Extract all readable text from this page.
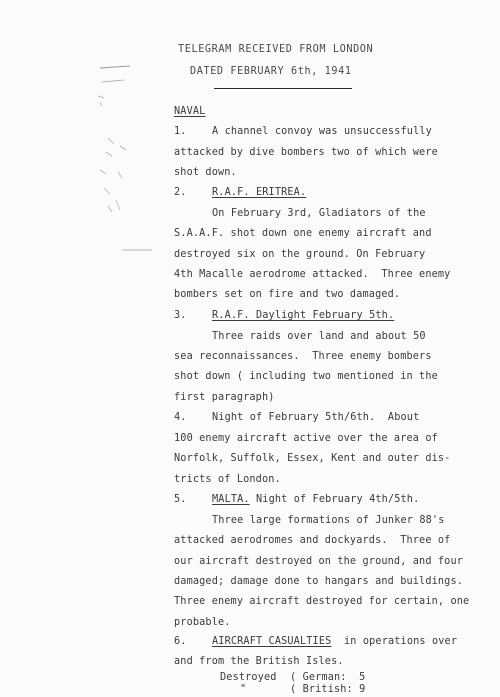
TELEGRAM RECEIVED FROM LONDON
DATED FEBRUARY 6th, 1941
NAVAL
1. A channel convoy was unsuccessfully
attacked by dive bombers two of which were
shot down.
2. R.A.F. ERITREA.
On February 3rd, Gladiators of the
S.A.A.F. shot down one enemy aircraft and
destroyed six on the ground. On February
4th Macalle aerodrome attacked.  Three enemy
bombers set on fire and two damaged.
3. R.A.F. Daylight February 5th.
Three raids over land and about 50
sea reconnaissances.  Three enemy bombers
shot down ( including two mentioned in the
first paragraph)
4. Night of February 5th/6th.  About
100 enemy aircraft active over the area of
Norfolk, Suffolk, Essex, Kent and outer dis-
tricts of London.
5. MALTA. Night of February 4th/5th.
Three large formations of Junker 88's
attacked aerodromes and dockyards.  Three of
our aircraft destroyed on the ground, and four
damaged; damage done to hangars and buildings.
Three enemy aircraft destroyed for certain, one
probable.
6. AIRCRAFT CASUALTIES in operations over
and from the British Isles.
Destroyed
"
( German:  5
( British: 9
